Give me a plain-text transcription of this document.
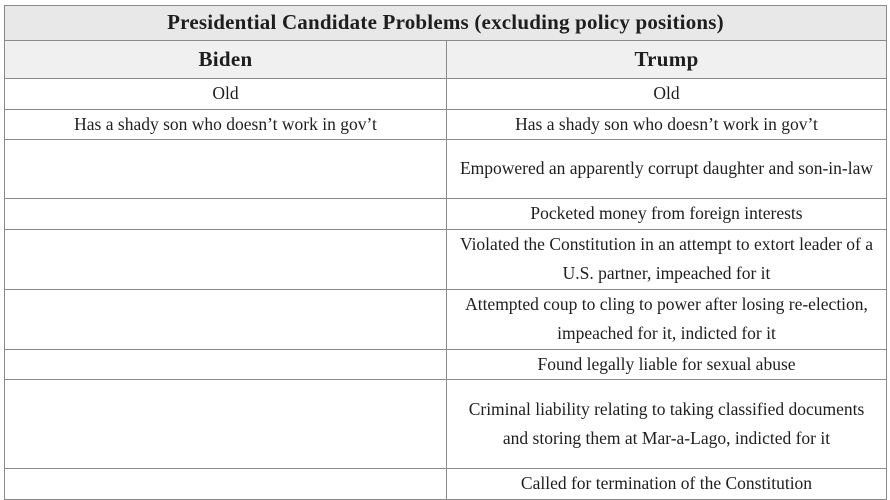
Presidential Candidate Problems (excluding policy positions)	
Biden	Trump
Old	Old
Has a shady son who doesn’t work in gov’t	Has a shady son who doesn’t work in gov’t
	Empowered an apparently corrupt daughter and son-in-law
	Pocketed money from foreign interests
	Violated the Constitution in an attempt to extort leader of a U.S. partner, impeached for it
	Attempted coup to cling to power after losing re-election, impeached for it, indicted for it
	Found legally liable for sexual abuse
	Criminal liability relating to taking classified documents and storing them at Mar-a-Lago, indicted for it
	Called for termination of the Constitution
